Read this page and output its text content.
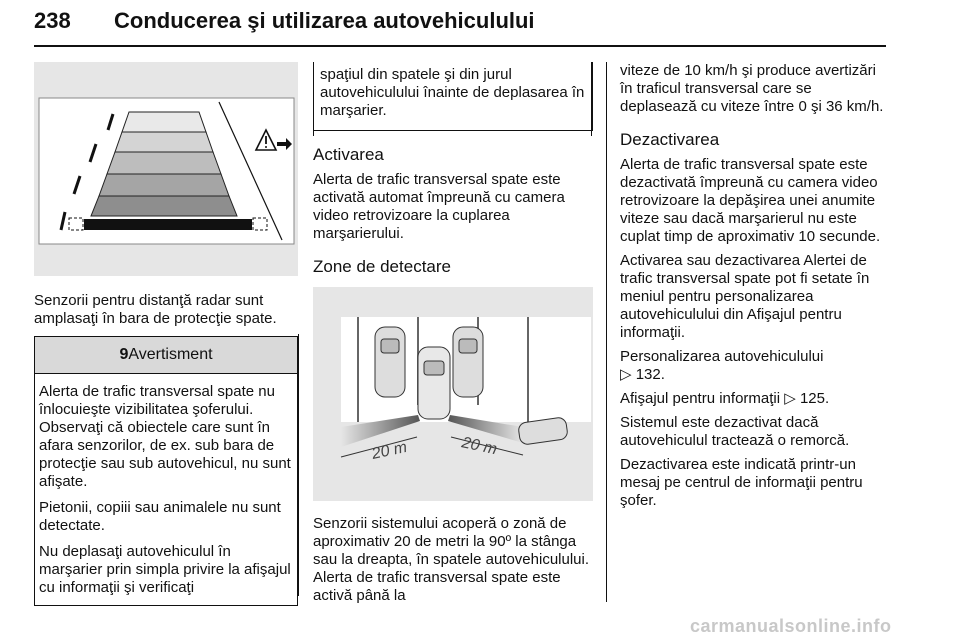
238 Conducerea şi utilizarea autovehiculului

Senzorii pentru distanţă radar sunt amplasaţi în bara de protecţie spate.

9 Avertisment

Alerta de trafic transversal spate nu înlocuieşte vizibilitatea şoferului. Observaţi că obiectele care sunt în afara senzorilor, de ex. sub bara de protecţie sau sub autovehicul, nu sunt afişate.

Pietonii, copiii sau animalele nu sunt detectate.

Nu deplasaţi autovehiculul în marşarier prin simpla privire la afişajul cu informaţii şi verificaţi

spaţiul din spatele şi din jurul autovehiculului înainte de deplasarea în marşarier.

Activarea

Alerta de trafic transversal spate este activată automat împreună cu camera video retrovizoare la cuplarea marşarierului.

Zone de detectare
20 m	20 m

Senzorii sistemului acoperă o zonă de aproximativ 20 de metri la 90º la stânga sau la dreapta, în spatele autovehiculului. Alerta de trafic transversal spate este activă până la

viteze de 10 km/h şi produce avertizări în traficul transversal care se deplasează cu viteze între 0 şi 36 km/h.

Dezactivarea

Alerta de trafic transversal spate este dezactivată împreună cu camera video retrovizoare la depăşirea unei anumite viteze sau dacă marşarierul nu este cuplat timp de aproximativ 10 secunde.

Activarea sau dezactivarea Alertei de trafic transversal spate pot fi setate în meniul pentru personalizarea autovehiculului din Afişajul pentru informaţii.

Personalizarea autovehiculului
▷ 132.

Afişajul pentru informaţii ▷ 125.

Sistemul este dezactivat dacă autovehiculul tractează o remorcă.

Dezactivarea este indicată printr-un mesaj pe centrul de informaţii pentru şofer.

carmanualsonline.info
